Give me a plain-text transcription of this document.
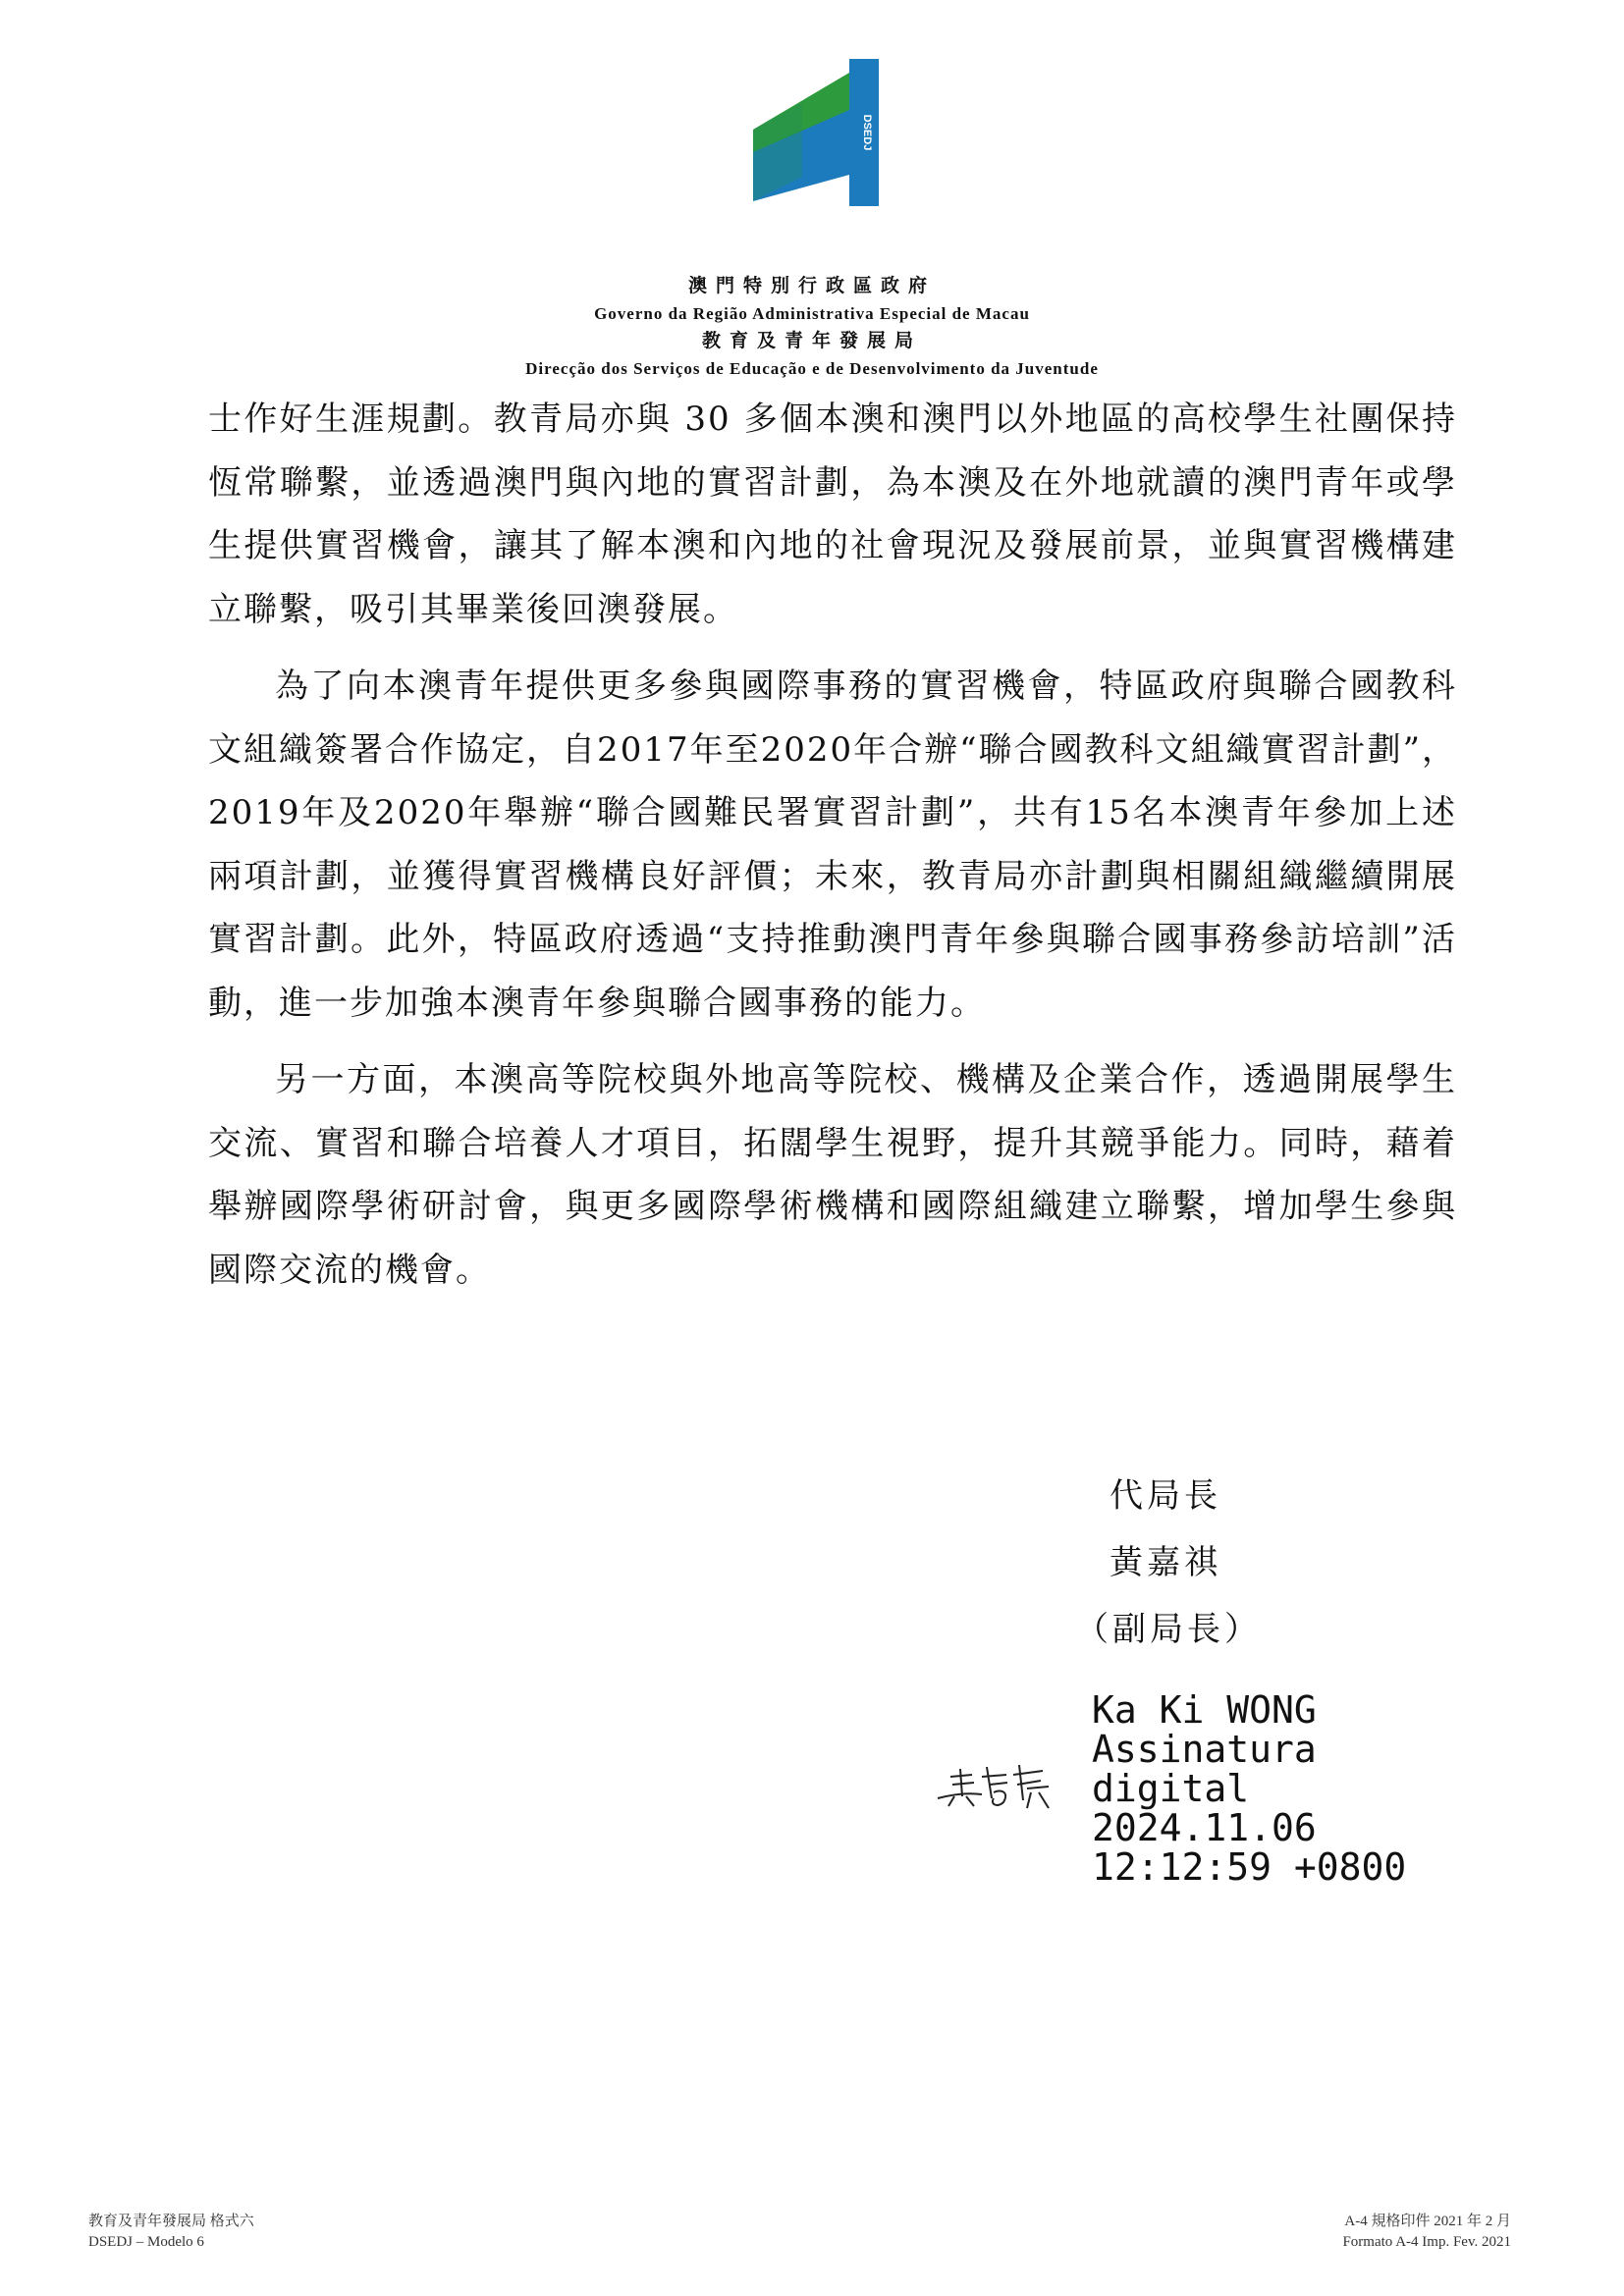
DSEDJ
澳門特別行政區政府
Governo da Região Administrativa Especial de Macau
教育及青年發展局
Direcção dos Serviços de Educação e de Desenvolvimento da Juventude

士作好生涯規劃。教青局亦與 30 多個本澳和澳門以外地區的高校學生社團保持恆常聯繫，並透過澳門與內地的實習計劃，為本澳及在外地就讀的澳門青年或學生提供實習機會，讓其了解本澳和內地的社會現況及發展前景，並與實習機構建立聯繫，吸引其畢業後回澳發展。

為了向本澳青年提供更多參與國際事務的實習機會，特區政府與聯合國教科文組織簽署合作協定，自2017年至2020年合辦“聯合國教科文組織實習計劃”，2019年及2020年舉辦“聯合國難民署實習計劃”，共有15名本澳青年參加上述兩項計劃，並獲得實習機構良好評價；未來，教青局亦計劃與相關組織繼續開展實習計劃。此外，特區政府透過“支持推動澳門青年參與聯合國事務參訪培訓”活動，進一步加強本澳青年參與聯合國事務的能力。

另一方面，本澳高等院校與外地高等院校、機構及企業合作，透過開展學生交流、實習和聯合培養人才項目，拓闊學生視野，提升其競爭能力。同時，藉着舉辦國際學術研討會，與更多國際學術機構和國際組織建立聯繫，增加學生參與國際交流的機會。

代局長
黃嘉祺
（副局長）
Ka Ki WONG
Assinatura
digital
2024.11.06
12:12:59 +0800
教育及青年發展局 格式六
DSEDJ – Modelo 6
A-4 規格印件 2021 年 2 月
Formato A-4 Imp. Fev. 2021
